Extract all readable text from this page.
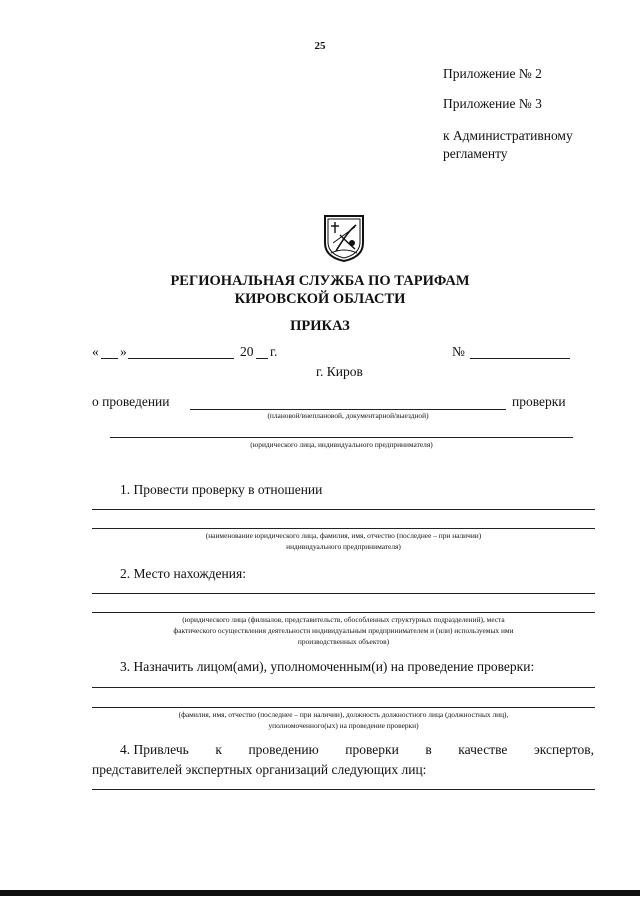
25
Приложение № 2
Приложение № 3
к Административному
регламенту
РЕГИОНАЛЬНАЯ СЛУЖБА ПО ТАРИФАМ
КИРОВСКОЙ ОБЛАСТИ
ПРИКАЗ
« »	20 г.	№
г. Киров
о проведении	проверки
(плановой/внеплановой, документарной/выездной)
(юридического лица, индивидуального предпринимателя)
1. Провести проверку в отношении
(наименование юридического лица, фамилия, имя, отчество (последнее – при наличии)
индивидуального предпринимателя)
2. Место нахождения:
(юридического лица (филиалов, представительств, обособленных структурных подразделений), места
фактического осуществления деятельности индивидуальным предпринимателем и (или) используемых ими
производственных объектов)
3. Назначить лицом(ами), уполномоченным(и) на проведение проверки:
(фамилия, имя, отчество (последнее – при наличии), должность должностного лица (должностных лиц),
уполномоченного(ых) на проведение проверки)
4. Привлечь к проведению проверки в качестве экспертов,
представителей экспертных организаций следующих лиц:
